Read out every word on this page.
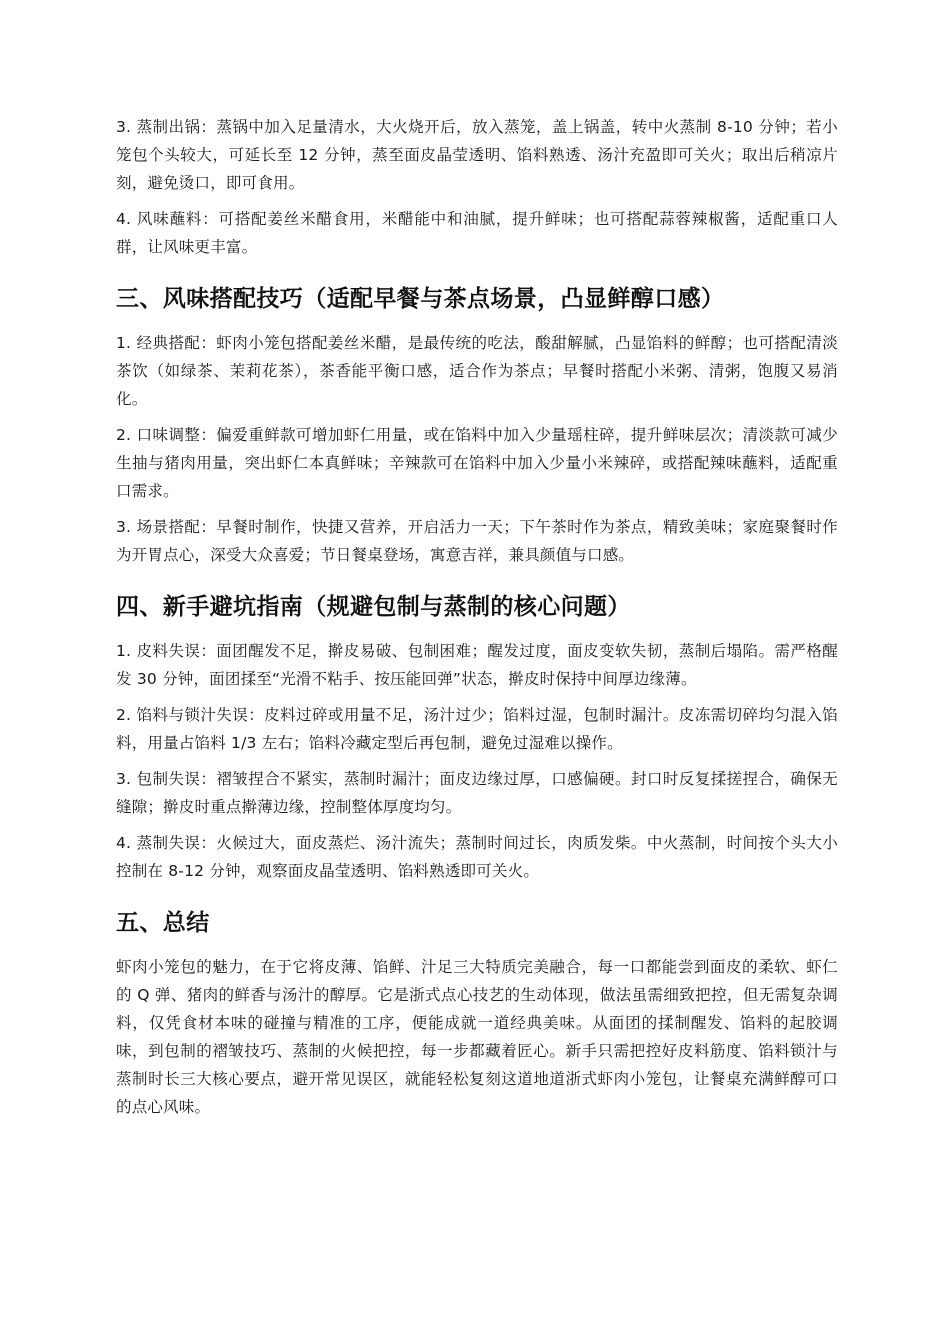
3. 蒸制出锅：蒸锅中加入足量清水，大火烧开后，放入蒸笼，盖上锅盖，转中火蒸制 8-10 分钟；若小笼包个头较大，可延长至 12 分钟，蒸至面皮晶莹透明、馅料熟透、汤汁充盈即可关火；取出后稍凉片刻，避免烫口，即可食用。

4. 风味蘸料：可搭配姜丝米醋食用，米醋能中和油腻，提升鲜味；也可搭配蒜蓉辣椒酱，适配重口人群，让风味更丰富。

三、风味搭配技巧（适配早餐与茶点场景，凸显鲜醇口感）

1. 经典搭配：虾肉小笼包搭配姜丝米醋，是最传统的吃法，酸甜解腻，凸显馅料的鲜醇；也可搭配清淡茶饮（如绿茶、茉莉花茶），茶香能平衡口感，适合作为茶点；早餐时搭配小米粥、清粥，饱腹又易消化。

2. 口味调整：偏爱重鲜款可增加虾仁用量，或在馅料中加入少量瑶柱碎，提升鲜味层次；清淡款可减少生抽与猪肉用量，突出虾仁本真鲜味；辛辣款可在馅料中加入少量小米辣碎，或搭配辣味蘸料，适配重口需求。

3. 场景搭配：早餐时制作，快捷又营养，开启活力一天；下午茶时作为茶点，精致美味；家庭聚餐时作为开胃点心，深受大众喜爱；节日餐桌登场，寓意吉祥，兼具颜值与口感。

四、新手避坑指南（规避包制与蒸制的核心问题）

1. 皮料失误：面团醒发不足，擀皮易破、包制困难；醒发过度，面皮变软失韧，蒸制后塌陷。需严格醒发 30 分钟，面团揉至“光滑不粘手、按压能回弹”状态，擀皮时保持中间厚边缘薄。

2. 馅料与锁汁失误：皮料过碎或用量不足，汤汁过少；馅料过湿，包制时漏汁。皮冻需切碎均匀混入馅料，用量占馅料 1/3 左右；馅料冷藏定型后再包制，避免过湿难以操作。

3. 包制失误：褶皱捏合不紧实，蒸制时漏汁；面皮边缘过厚，口感偏硬。封口时反复揉搓捏合，确保无缝隙；擀皮时重点擀薄边缘，控制整体厚度均匀。

4. 蒸制失误：火候过大，面皮蒸烂、汤汁流失；蒸制时间过长，肉质发柴。中火蒸制，时间按个头大小控制在 8-12 分钟，观察面皮晶莹透明、馅料熟透即可关火。

五、总结

虾肉小笼包的魅力，在于它将皮薄、馅鲜、汁足三大特质完美融合，每一口都能尝到面皮的柔软、虾仁的 Q 弹、猪肉的鲜香与汤汁的醇厚。它是浙式点心技艺的生动体现，做法虽需细致把控，但无需复杂调料，仅凭食材本味的碰撞与精准的工序，便能成就一道经典美味。从面团的揉制醒发、馅料的起胶调味，到包制的褶皱技巧、蒸制的火候把控，每一步都藏着匠心。新手只需把控好皮料筋度、馅料锁汁与蒸制时长三大核心要点，避开常见误区，就能轻松复刻这道地道浙式虾肉小笼包，让餐桌充满鲜醇可口的点心风味。
